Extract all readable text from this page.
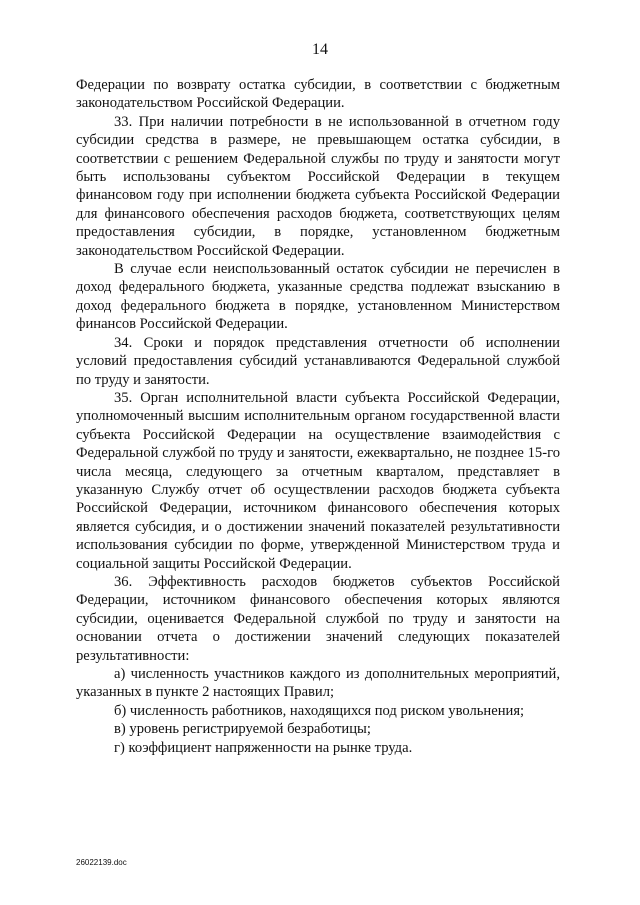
14

Федерации по возврату остатка субсидии, в соответствии с бюджетным законодательством Российской Федерации.

33. При наличии потребности в не использованной в отчетном году субсидии средства в размере, не превышающем остатка субсидии, в соответствии с решением Федеральной службы по труду и занятости могут быть использованы субъектом Российской Федерации в текущем финансовом году при исполнении бюджета субъекта Российской Федерации для финансового обеспечения расходов бюджета, соответствующих целям предоставления субсидии, в порядке, установленном бюджетным законодательством Российской Федерации.

В случае если неиспользованный остаток субсидии не перечислен в доход федерального бюджета, указанные средства подлежат взысканию в доход федерального бюджета в порядке, установленном Министерством финансов Российской Федерации.

34. Сроки и порядок представления отчетности об исполнении условий предоставления субсидий устанавливаются Федеральной службой по труду и занятости.

35. Орган исполнительной власти субъекта Российской Федерации, уполномоченный высшим исполнительным органом государственной власти субъекта Российской Федерации на осуществление взаимодействия с Федеральной службой по труду и занятости, ежеквартально, не позднее 15-го числа месяца, следующего за отчетным кварталом, представляет в указанную Службу отчет об осуществлении расходов бюджета субъекта Российской Федерации, источником финансового обеспечения которых является субсидия, и о достижении значений показателей результативности использования субсидии по форме, утвержденной Министерством труда и социальной защиты Российской Федерации.

36. Эффективность расходов бюджетов субъектов Российской Федерации, источником финансового обеспечения которых являются субсидии, оценивается Федеральной службой по труду и занятости на основании отчета о достижении значений следующих показателей результативности:

а) численность участников каждого из дополнительных мероприятий, указанных в пункте 2 настоящих Правил;

б) численность работников, находящихся под риском увольнения;

в) уровень регистрируемой безработицы;

г) коэффициент напряженности на рынке труда.

26022139.doc
